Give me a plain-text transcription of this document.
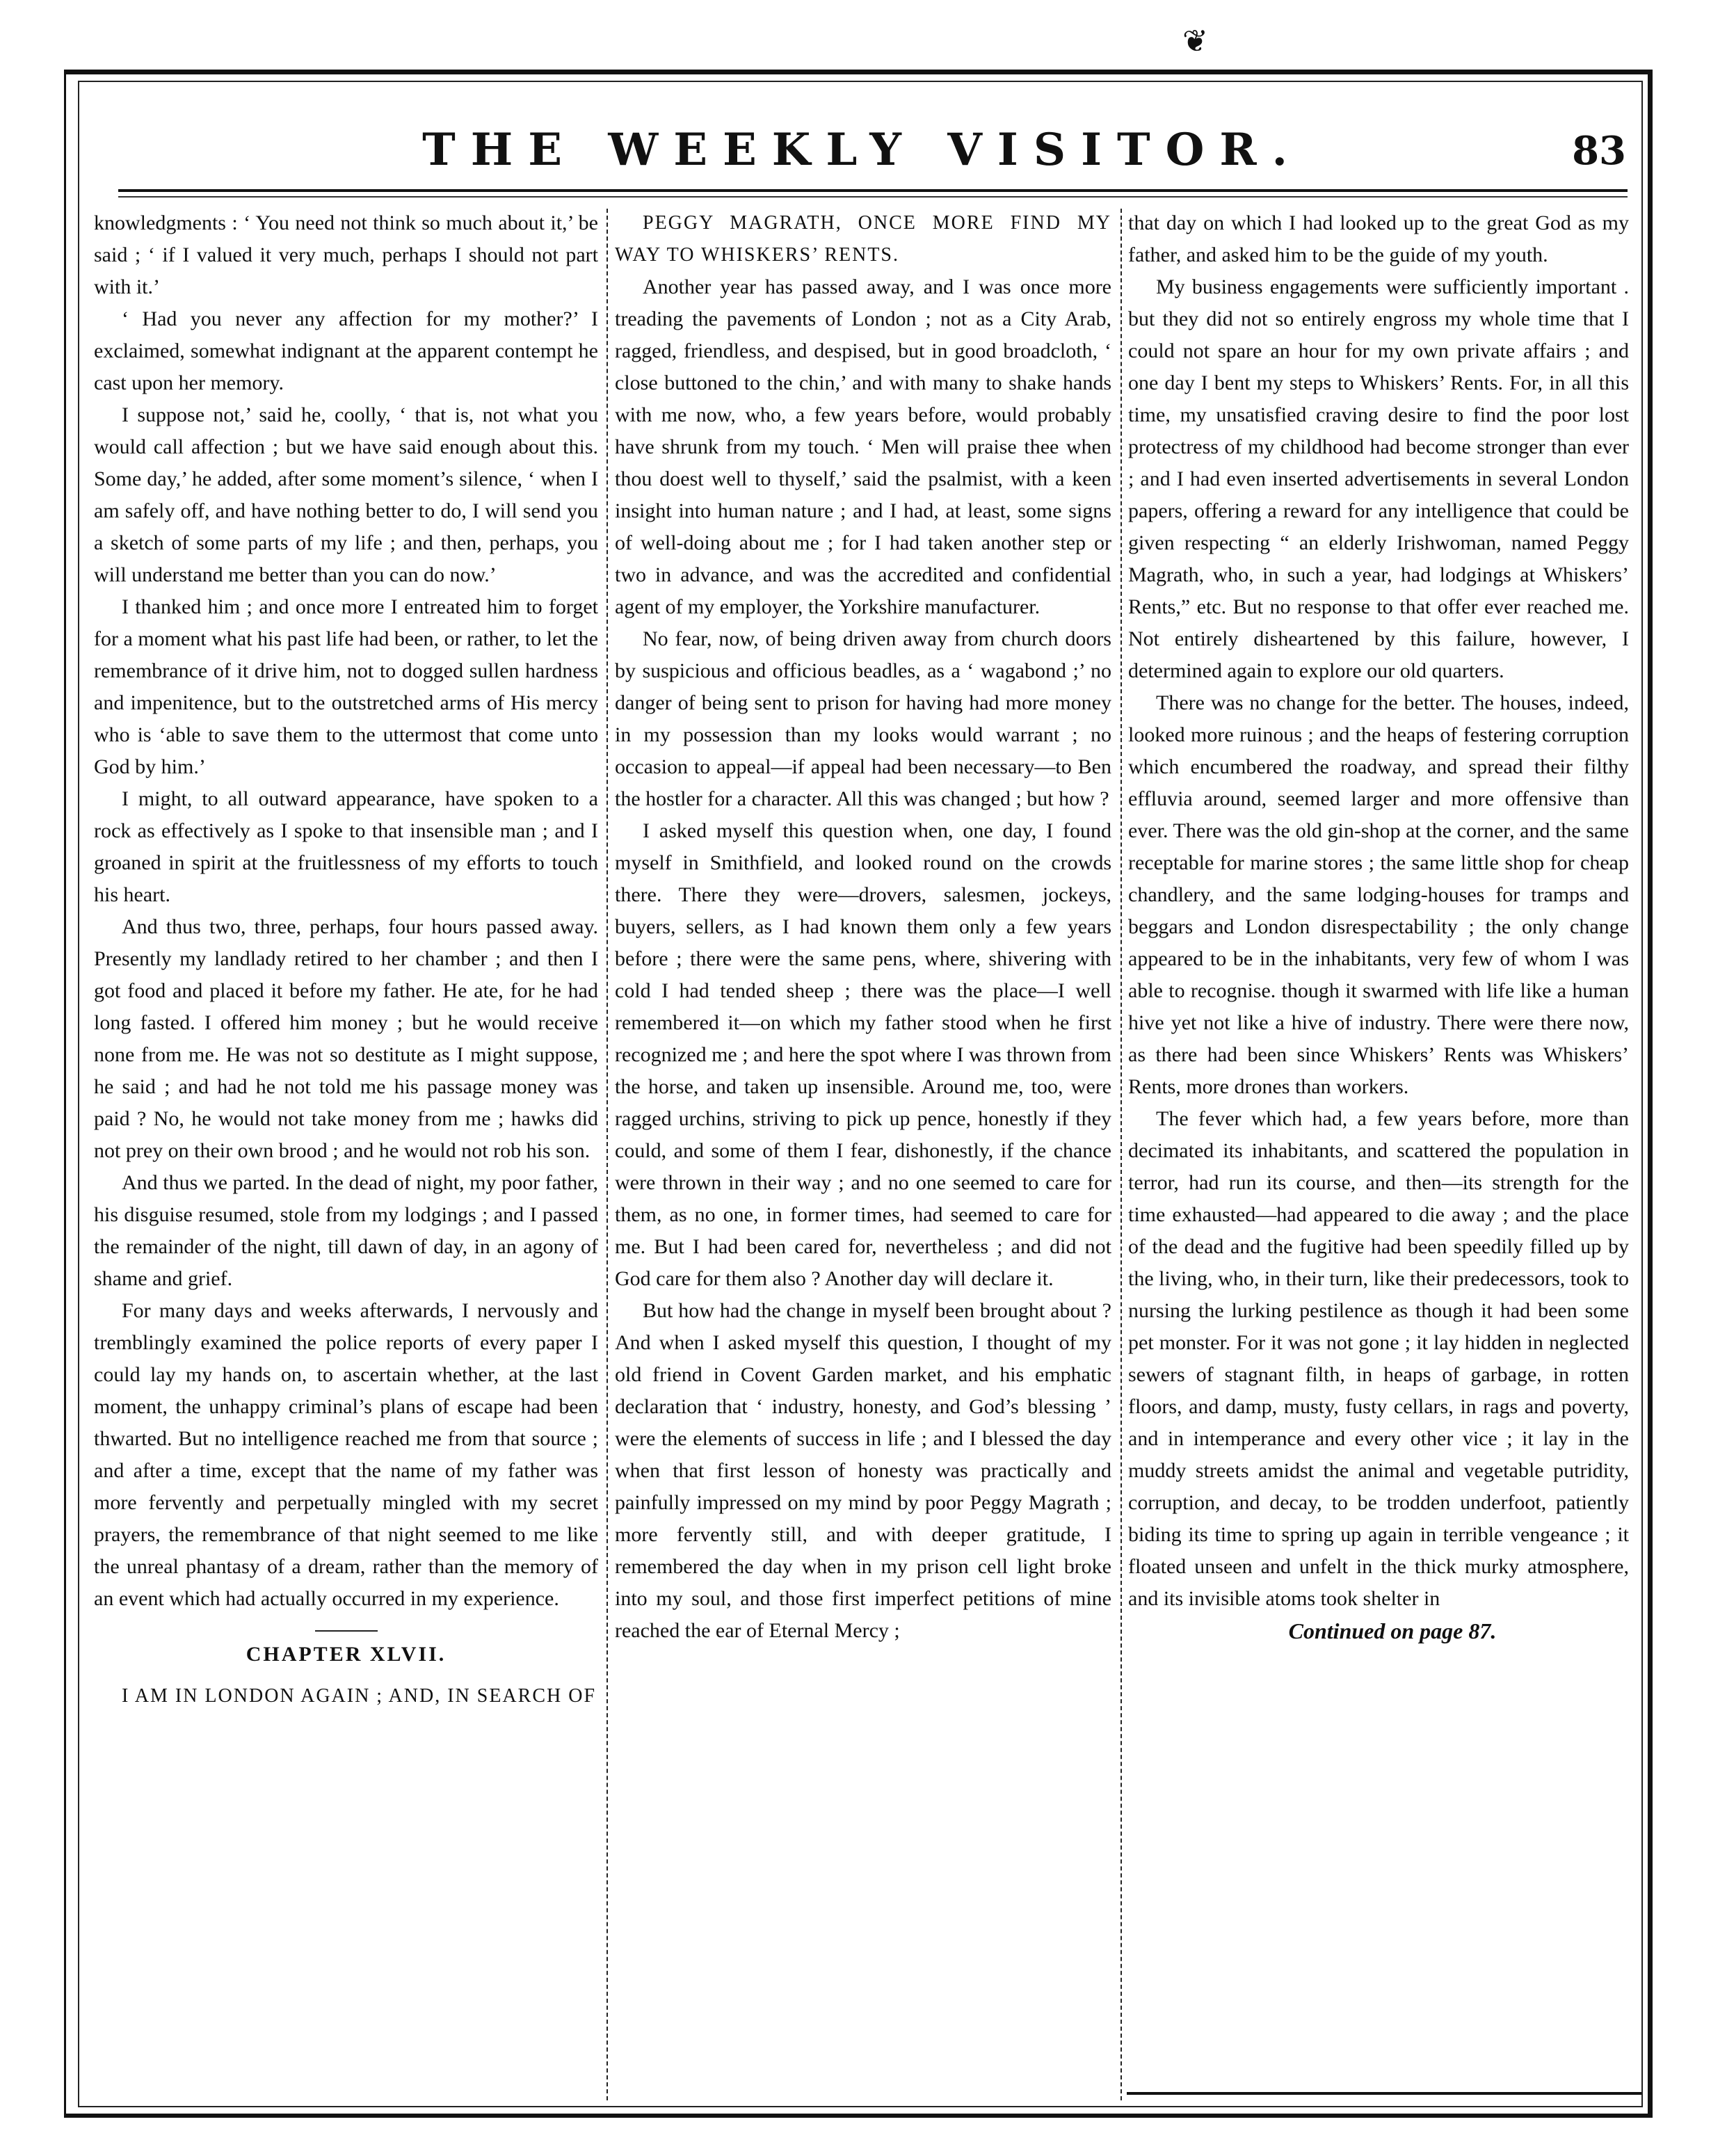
❦
THE WEEKLY VISITOR.	83

knowledgments : ‘ You need not think so much about it,’ be said ; ‘ if I valued it very much, perhaps I should not part with it.’

‘ Had you never any affection for my mother?’ I exclaimed, somewhat indignant at the apparent contempt he cast upon her memory.

I suppose not,’ said he, coolly, ‘ that is, not what you would call affection ; but we have said enough about this. Some day,’ he added, after some moment’s silence, ‘ when I am safely off, and have nothing better to do, I will send you a sketch of some parts of my life ; and then, perhaps, you will understand me better than you can do now.’

I thanked him ; and once more I entreated him to forget for a moment what his past life had been, or rather, to let the remembrance of it drive him, not to dogged sullen hardness and impenitence, but to the outstretched arms of His mercy who is ‘able to save them to the uttermost that come unto God by him.’

I might, to all outward appearance, have spoken to a rock as effectively as I spoke to that insensible man ; and I groaned in spirit at the fruitlessness of my efforts to touch his heart.

And thus two, three, perhaps, four hours passed away. Presently my landlady retired to her chamber ; and then I got food and placed it before my father. He ate, for he had long fasted. I offered him money ; but he would receive none from me. He was not so destitute as I might suppose, he said ; and had he not told me his passage money was paid ? No, he would not take money from me ; hawks did not prey on their own brood ; and he would not rob his son.

And thus we parted. In the dead of night, my poor father, his disguise resumed, stole from my lodgings ; and I passed the remainder of the night, till dawn of day, in an agony of shame and grief.

For many days and weeks afterwards, I nervously and tremblingly examined the police reports of every paper I could lay my hands on, to ascertain whether, at the last moment, the unhappy criminal’s plans of escape had been thwarted. But no intelligence reached me from that source ; and after a time, except that the name of my father was more fervently and perpetually mingled with my secret prayers, the remembrance of that night seemed to me like the unreal phantasy of a dream, rather than the memory of an event which had actually occurred in my experience.

CHAPTER XLVII.

I AM IN LONDON AGAIN ; AND, IN SEARCH OF

PEGGY MAGRATH, ONCE MORE FIND MY WAY TO WHISKERS’ RENTS.

Another year has passed away, and I was once more treading the pavements of London ; not as a City Arab, ragged, friendless, and despised, but in good broadcloth, ‘ close buttoned to the chin,’ and with many to shake hands with me now, who, a few years before, would probably have shrunk from my touch. ‘ Men will praise thee when thou doest well to thyself,’ said the psalmist, with a keen insight into human nature ; and I had, at least, some signs of well-doing about me ; for I had taken another step or two in advance, and was the accredited and confidential agent of my employer, the Yorkshire manufacturer.

No fear, now, of being driven away from church doors by suspicious and officious beadles, as a ‘ wagabond ;’ no danger of being sent to prison for having had more money in my possession than my looks would warrant ; no occasion to appeal—if appeal had been necessary—to Ben the hostler for a character. All this was changed ; but how ?

I asked myself this question when, one day, I found myself in Smithfield, and looked round on the crowds there. There they were—drovers, salesmen, jockeys, buyers, sellers, as I had known them only a few years before ; there were the same pens, where, shivering with cold I had tended sheep ; there was the place—I well remembered it—on which my father stood when he first recognized me ; and here the spot where I was thrown from the horse, and taken up insensible. Around me, too, were ragged urchins, striving to pick up pence, honestly if they could, and some of them I fear, dishonestly, if the chance were thrown in their way ; and no one seemed to care for them, as no one, in former times, had seemed to care for me. But I had been cared for, nevertheless ; and did not God care for them also ? Another day will declare it.

But how had the change in myself been brought about ? And when I asked myself this question, I thought of my old friend in Covent Garden market, and his emphatic declaration that ‘ industry, honesty, and God’s blessing ’ were the elements of success in life ; and I blessed the day when that first lesson of honesty was practically and painfully impressed on my mind by poor Peggy Magrath ; more fervently still, and with deeper gratitude, I remembered the day when in my prison cell light broke into my soul, and those first imperfect petitions of mine reached the ear of Eternal Mercy ;

that day on which I had looked up to the great God as my father, and asked him to be the guide of my youth.

My business engagements were sufficiently important . but they did not so entirely engross my whole time that I could not spare an hour for my own private affairs ; and one day I bent my steps to Whiskers’ Rents. For, in all this time, my unsatisfied craving desire to find the poor lost protectress of my childhood had become stronger than ever ; and I had even inserted advertisements in several London papers, offering a reward for any intelligence that could be given respecting “ an elderly Irishwoman, named Peggy Magrath, who, in such a year, had lodgings at Whiskers’ Rents,” etc. But no response to that offer ever reached me. Not entirely disheartened by this failure, however, I determined again to explore our old quarters.

There was no change for the better. The houses, indeed, looked more ruinous ; and the heaps of festering corruption which encumbered the roadway, and spread their filthy effluvia around, seemed larger and more offensive than ever. There was the old gin-shop at the corner, and the same receptable for marine stores ; the same little shop for cheap chandlery, and the same lodging-houses for tramps and beggars and London disrespectability ; the only change appeared to be in the inhabitants, very few of whom I was able to recognise. though it swarmed with life like a human hive yet not like a hive of industry. There were there now, as there had been since Whiskers’ Rents was Whiskers’ Rents, more drones than workers.

The fever which had, a few years before, more than decimated its inhabitants, and scattered the population in terror, had run its course, and then—its strength for the time exhausted—had appeared to die away ; and the place of the dead and the fugitive had been speedily filled up by the living, who, in their turn, like their predecessors, took to nursing the lurking pestilence as though it had been some pet monster. For it was not gone ; it lay hidden in neglected sewers of stagnant filth, in heaps of garbage, in rotten floors, and damp, musty, fusty cellars, in rags and poverty, and in intemperance and every other vice ; it lay in the muddy streets amidst the animal and vegetable putridity, corruption, and decay, to be trodden underfoot, patiently biding its time to spring up again in terrible vengeance ; it floated unseen and unfelt in the thick murky atmosphere, and its invisible atoms took shelter in

Continued on page 87.
